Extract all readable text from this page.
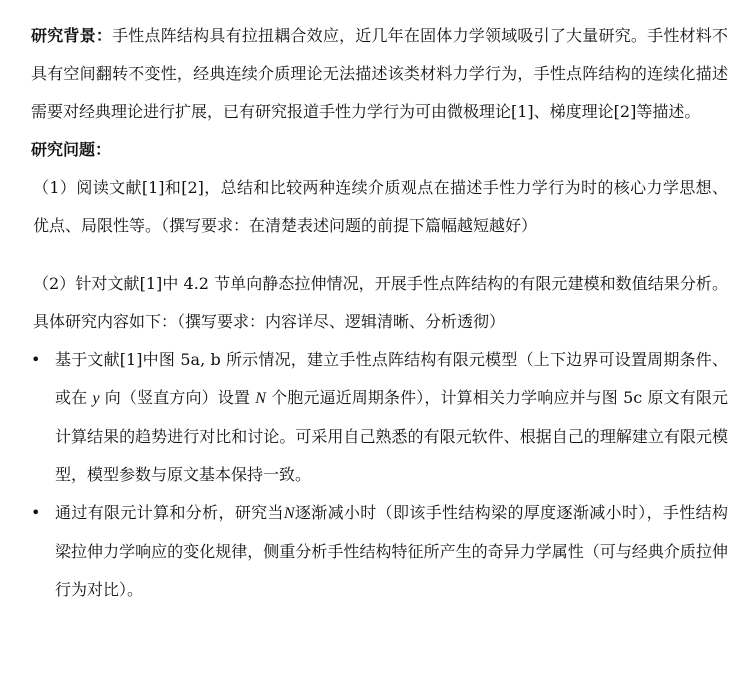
研究背景：手性点阵结构具有拉扭耦合效应，近几年在固体力学领域吸引了大量研究。手性材料不具有空间翻转不变性，经典连续介质理论无法描述该类材料力学行为，手性点阵结构的连续化描述需要对经典理论进行扩展，已有研究报道手性力学行为可由微极理论[1]、梯度理论[2]等描述。

研究问题：

（1）阅读文献[1]和[2]，总结和比较两种连续介质观点在描述手性力学行为时的核心力学思想、优点、局限性等。（撰写要求：在清楚表述问题的前提下篇幅越短越好）

（2）针对文献[1]中 4.2 节单向静态拉伸情况，开展手性点阵结构的有限元建模和数值结果分析。具体研究内容如下：（撰写要求：内容详尽、逻辑清晰、分析透彻）

• 基于文献[1]中图 5a, b 所示情况，建立手性点阵结构有限元模型（上下边界可设置周期条件、或在 y 向（竖直方向）设置 N 个胞元逼近周期条件），计算相关力学响应并与图 5c 原文有限元计算结果的趋势进行对比和讨论。可采用自己熟悉的有限元软件、根据自己的理解建立有限元模型，模型参数与原文基本保持一致。
• 通过有限元计算和分析，研究当N逐渐减小时（即该手性结构梁的厚度逐渐减小时），手性结构梁拉伸力学响应的变化规律，侧重分析手性结构特征所产生的奇异力学属性（可与经典介质拉伸行为对比）。
